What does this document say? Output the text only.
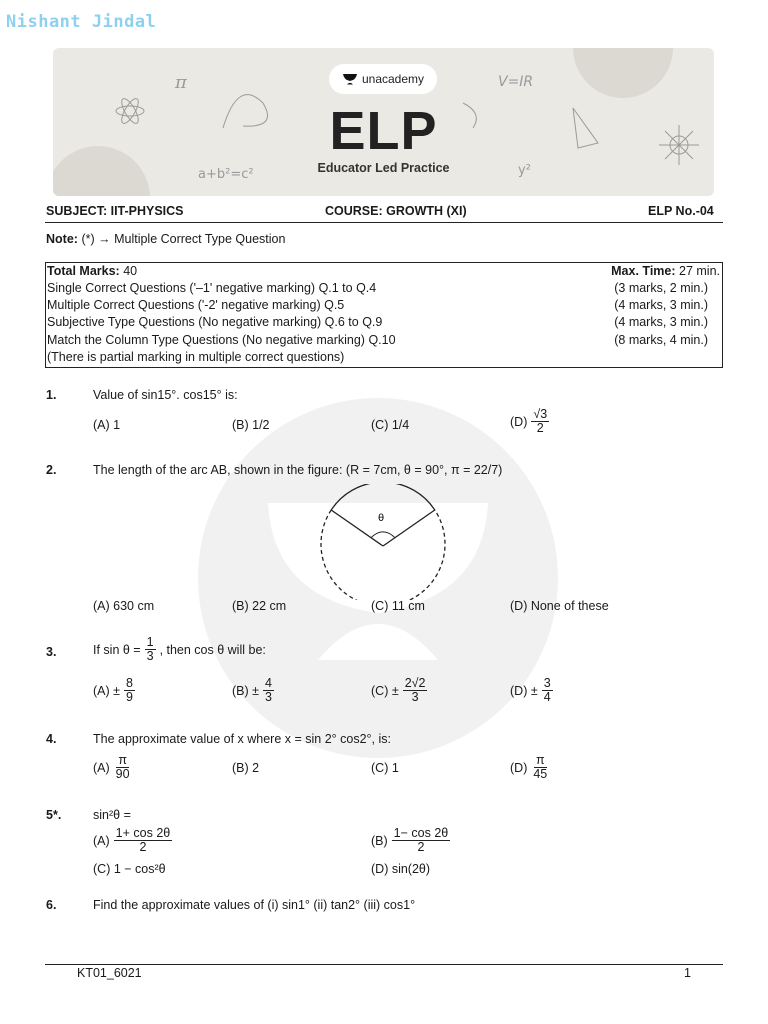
Nishant Jindal
π	V=IR
a+b²=c²	y²
unacademy
ELP
Educator Led Practice
SUBJECT: IIT-PHYSICS	COURSE: GROWTH (XI)	ELP No.-04
Note: (*) → Multiple Correct Type Question
Total Marks: 40	Max. Time: 27 min.
Single Correct Questions ('–1' negative marking) Q.1 to Q.4	(3 marks, 2 min.)
Multiple Correct Questions ('-2' negative marking) Q.5	(4 marks, 3 min.)
Subjective Type Questions (No negative marking) Q.6 to Q.9	(4 marks, 3 min.)
Match the Column Type Questions (No negative marking) Q.10	(8 marks, 4 min.)
(There is partial marking in multiple correct questions)
1.	Value of sin15°. cos15° is:
(A) 1	(B) 1/2	(C) 1/4	$(D) \frac{√3}{2}$
2.	The length of the arc AB, shown in the figure: (R = 7cm, θ = 90°, π = 22/7)
θ
(A) 630 cm	(B) 22 cm	(C) 11 cm	(D) None of these
3.	If $\sin \theta = \frac{1}{3}$ , then cos θ will be:
$(A) \pm \frac{8}{9}$	$(B) \pm \frac{4}{3}$	$(C) \pm \frac{2√2}{3}$	$(D) \pm \frac{3}{4}$
4.	The approximate value of x where x = sin 2° cos2°, is:
$(A) \frac{\pi}{90}$	(B) 2	(C) 1	$(D) \frac{\pi}{45}$
5*.	sin²θ =
$(A) \frac{1+ \cos 2\theta}{2}$	$(B) \frac{1- \cos 2\theta}{2}$
(C) 1 − cos²θ	(D) sin(2θ)
6.	Find the approximate values of (i) sin1° (ii) tan2° (iii) cos1°
KT01_6021	1
